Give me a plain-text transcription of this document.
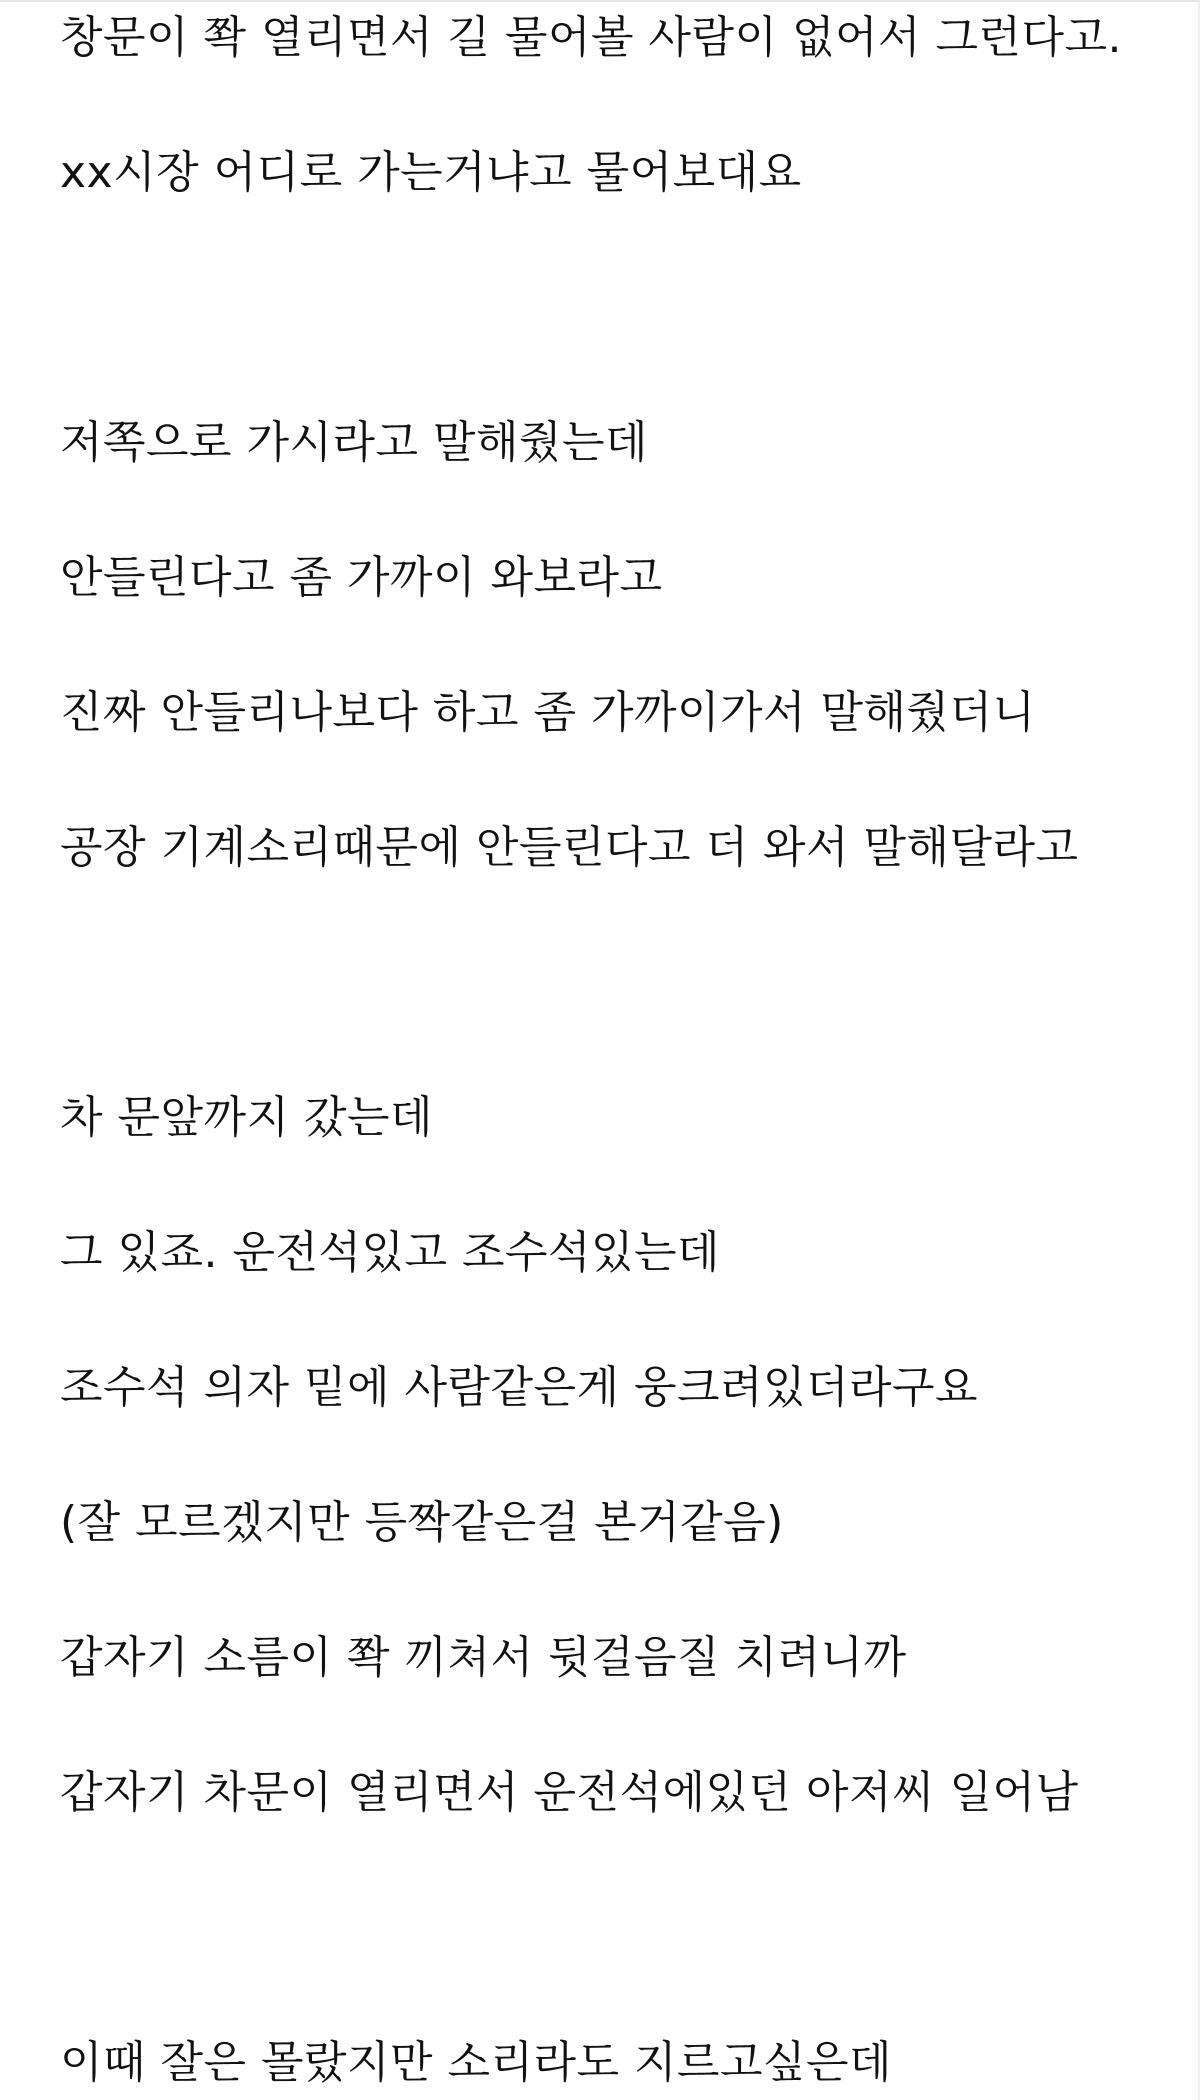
창문이 쫙 열리면서 길 물어볼 사람이 없어서 그런다고.
xx시장 어디로 가는거냐고 물어보대요
저쪽으로 가시라고 말해줬는데
안들린다고 좀 가까이 와보라고
진짜 안들리나보다 하고 좀 가까이가서 말해줬더니
공장 기계소리때문에 안들린다고 더 와서 말해달라고
차 문앞까지 갔는데
그 있죠. 운전석있고 조수석있는데
조수석 의자 밑에 사람같은게 웅크려있더라구요
(잘 모르겠지만 등짝같은걸 본거같음)
갑자기 소름이 쫙 끼쳐서 뒷걸음질 치려니까
갑자기 차문이 열리면서 운전석에있던 아저씨 일어남
이때 잘은 몰랐지만 소리라도 지르고싶은데
